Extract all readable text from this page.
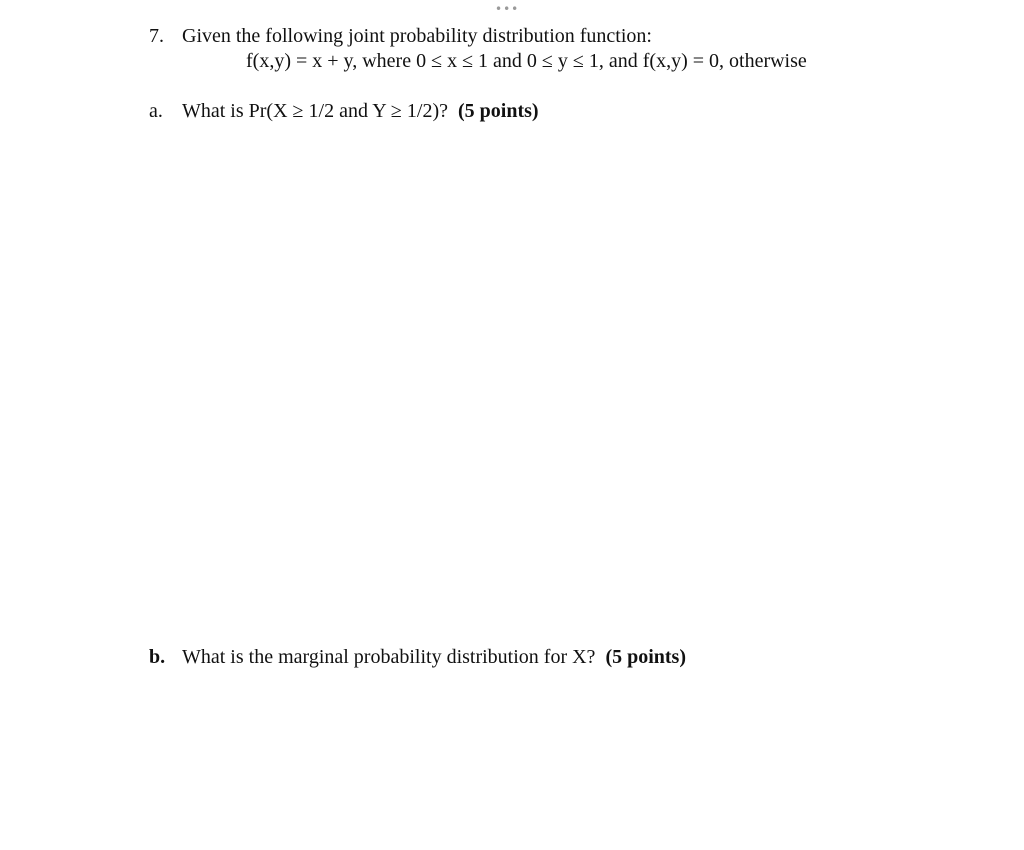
•••
7. Given the following joint probability distribution function:
f(x,y) = x + y, where 0 ≤ x ≤ 1 and 0 ≤ y ≤ 1, and f(x,y) = 0, otherwise
a. What is Pr(X ≥ 1/2 and Y ≥ 1/2)? (5 points)
b. What is the marginal probability distribution for X? (5 points)
